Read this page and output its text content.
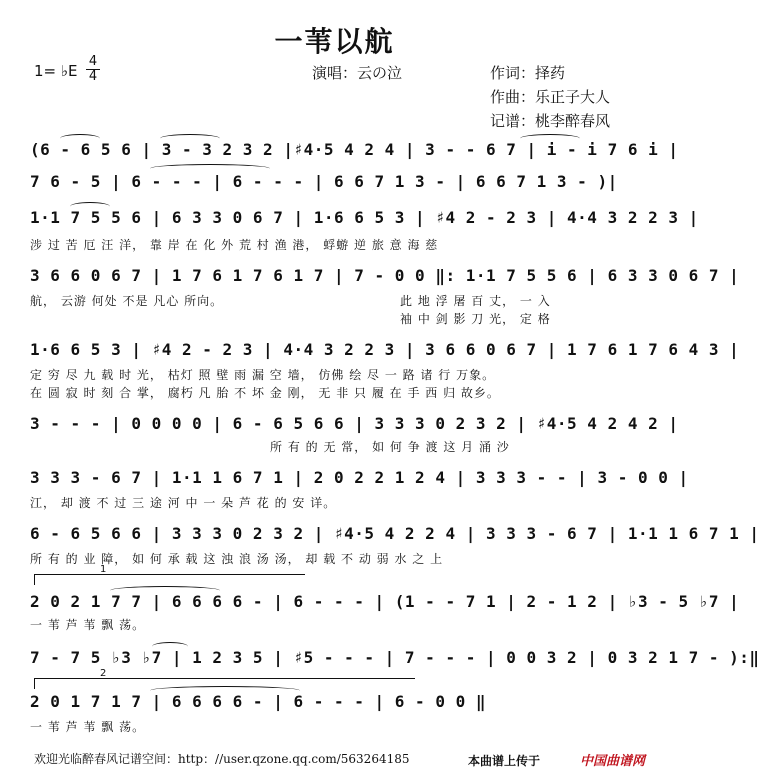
一苇以航
1= ♭E
4
4	演唱：云の泣	作词：择药
作曲：乐正子大人
记谱：桃李醉春风
(6 - 6 5 6 | 3 - 3 2 3 2 |♯4·5 4 2 4 | 3 - - 6 7 | i - i 7 6 i |
7 6 - 5 | 6 - - - | 6 - - - | 6 6 7 1 3 - | 6 6 7 1 3 - )|
1·1 7 5 5 6 | 6 3 3 0 6 7 | 1·6 6 5 3 | ♯4 2 - 2 3 | 4·4 3 2 2 3 |
涉 过 苦 厄 汪 洋， 靠 岸 在 化 外 荒 村 渔 港， 蜉蝣 逆 旅 意 海 慈
3 6 6 0 6 7 | 1 7 6 1 7 6 1 7 | 7 - 0 0 ‖: 1·1 7 5 5 6 | 6 3 3 0 6 7 |
航， 云游 何处 不是 凡心 所向。	此 地 浮 屠 百 丈， 一 入
袖 中 剑 影 刀 光， 定 格
1·6 6 5 3 | ♯4 2 - 2 3 | 4·4 3 2 2 3 | 3 6 6 0 6 7 | 1 7 6 1 7 6 4 3 |
定 穷 尽 九 载 时 光， 枯灯 照 壁 雨 漏 空 墙， 仿佛 绘 尽 一 路 诸 行 万象。
在 圆 寂 时 刻 合 掌， 腐朽 凡 胎 不 坏 金 刚， 无 非 只 履 在 手 西 归 故乡。
3 - - - | 0 0 0 0 | 6 - 6 5 6 6 | 3 3 3 0 2 3 2 | ♯4·5 4 2 4 2 |
所 有 的 无 常， 如 何 争 渡 这 月 涌 沙
3 3 3 - 6 7 | 1·1 1 6 7 1 | 2 0 2 2 1 2 4 | 3 3 3 - - | 3 - 0 0 |
江， 却 渡 不 过 三 途 河 中 一 朵 芦 花 的 安 详。
6 - 6 5 6 6 | 3 3 3 0 2 3 2 | ♯4·5 4 2 2 4 | 3 3 3 - 6 7 | 1·1 1 6 7 1 |
所 有 的 业 障， 如 何 承 载 这 浊 浪 汤 汤， 却 载 不 动 弱 水 之 上
1
2 0 2 1 7 7 | 6 6 6 6 - | 6 - - - | (1 - - 7 1 | 2 - 1 2 | ♭3 - 5 ♭7 |
一 苇 芦 苇 飘 荡。
7 - 7 5 ♭3 ♭7 | 1 2 3 5 | ♯5 - - - | 7 - - - | 0 0 3 2 | 0 3 2 1 7 - ):‖
2
2 0 1 7 1 7 | 6 6 6 6 - | 6 - - - | 6 - 0 0 ‖
一 苇 芦 苇 飘 荡。
欢迎光临醉春风记谱空间：http：//user.qzone.qq.com/563264185	本曲谱上传于	中国曲谱网
